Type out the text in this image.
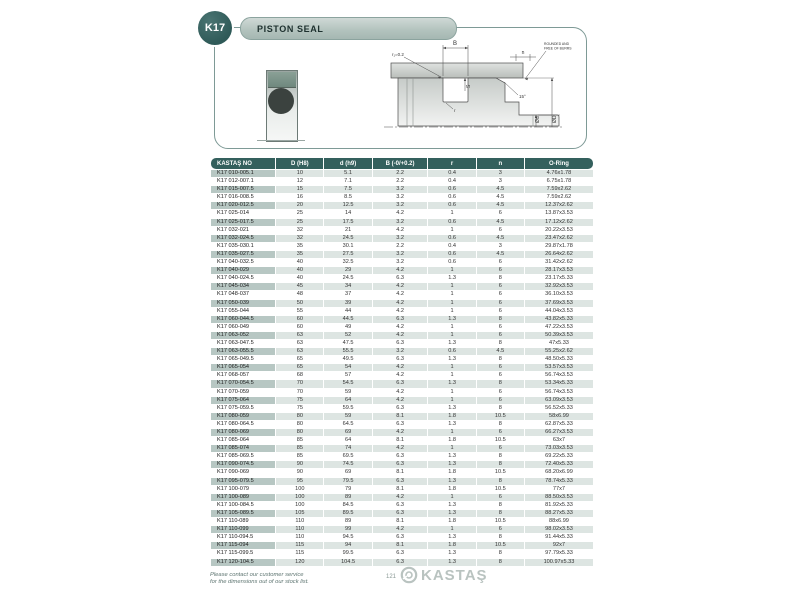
K17	PISTON SEAL
B
r₁=0.2	n
ROUNDED AND
FREE OF BURRS
15°
S
r
Ød ØD
KASTAŞ NO	D (H8)	d (h9)	B (-0/+0.2)	r	n	O-Ring
K17 010-005.1	10	5.1	2.2	0.4	3	4.76x1.78
K17 012-007.1	12	7.1	2.2	0.4	3	6.75x1.78
K17 015-007.5	15	7.5	3.2	0.6	4.5	7.59x2.62
K17 016-008.5	16	8.5	3.2	0.6	4.5	7.59x2.62
K17 020-012.5	20	12.5	3.2	0.6	4.5	12.37x2.62
K17 025-014	25	14	4.2	1	6	13.87x3.53
K17 025-017.5	25	17.5	3.2	0.6	4.5	17.12x2.62
K17 032-021	32	21	4.2	1	6	20.22x3.53
K17 032-024.5	32	24.5	3.2	0.6	4.5	23.47x2.62
K17 035-030.1	35	30.1	2.2	0.4	3	29.87x1.78
K17 035-027.5	35	27.5	3.2	0.6	4.5	26.64x2.62
K17 040-032.5	40	32.5	3.2	0.6	6	31.42x2.62
K17 040-029	40	29	4.2	1	6	28.17x3.53
K17 040-024.5	40	24.5	6.3	1.3	8	23.17x5.33
K17 045-034	45	34	4.2	1	6	32.92x3.53
K17 048-037	48	37	4.2	1	6	36.10x3.53
K17 050-039	50	39	4.2	1	6	37.69x3.53
K17 055-044	55	44	4.2	1	6	44.04x3.53
K17 060-044.5	60	44.5	6.3	1.3	8	43.82x5.33
K17 060-049	60	49	4.2	1	6	47.22x3.53
K17 063-052	63	52	4.2	1	6	50.39x3.53
K17 063-047.5	63	47.5	6.3	1.3	8	47x5.33
K17 063-055.5	63	55.5	3.2	0.6	4.5	55.25x2.62
K17 065-049.5	65	49.5	6.3	1.3	8	48.50x5.33
K17 065-054	65	54	4.2	1	6	53.57x3.53
K17 068-057	68	57	4.2	1	6	56.74x3.53
K17 070-054.5	70	54.5	6.3	1.3	8	53.34x5.33
K17 070-059	70	59	4.2	1	6	56.74x3.53
K17 075-064	75	64	4.2	1	6	63.09x3.53
K17 075-059.5	75	59.5	6.3	1.3	8	56.52x5.33
K17 080-059	80	59	8.1	1.8	10.5	58x6.99
K17 080-064.5	80	64.5	6.3	1.3	8	62.87x5.33
K17 080-069	80	69	4.2	1	6	66.27x3.53
K17 085-064	85	64	8.1	1.8	10.5	63x7
K17 085-074	85	74	4.2	1	6	73.03x3.53
K17 085-069.5	85	69.5	6.3	1.3	8	69.22x5.33
K17 090-074.5	90	74.5	6.3	1.3	8	72.40x5.33
K17 090-069	90	69	8.1	1.8	10.5	68.20x6.99
K17 095-079.5	95	79.5	6.3	1.3	8	78.74x5.33
K17 100-079	100	79	8.1	1.8	10.5	77x7
K17 100-089	100	89	4.2	1	6	88.50x3.53
K17 100-084.5	100	84.5	6.3	1.3	8	81.92x5.33
K17 105-089.5	105	89.5	6.3	1.3	8	88.27x5.33
K17 110-089	110	89	8.1	1.8	10.5	88x6.99
K17 110-099	110	99	4.2	1	6	98.02x3.53
K17 110-094.5	110	94.5	6.3	1.3	8	91.44x5.33
K17 115-094	115	94	8.1	1.8	10.5	92x7
K17 115-099.5	115	99.5	6.3	1.3	8	97.79x5.33
K17 120-104.5	120	104.5	6.3	1.3	8	100.97x5.33
Please contact our customer service
for the dimensions out of our stock list.
121 KASTAŞ
